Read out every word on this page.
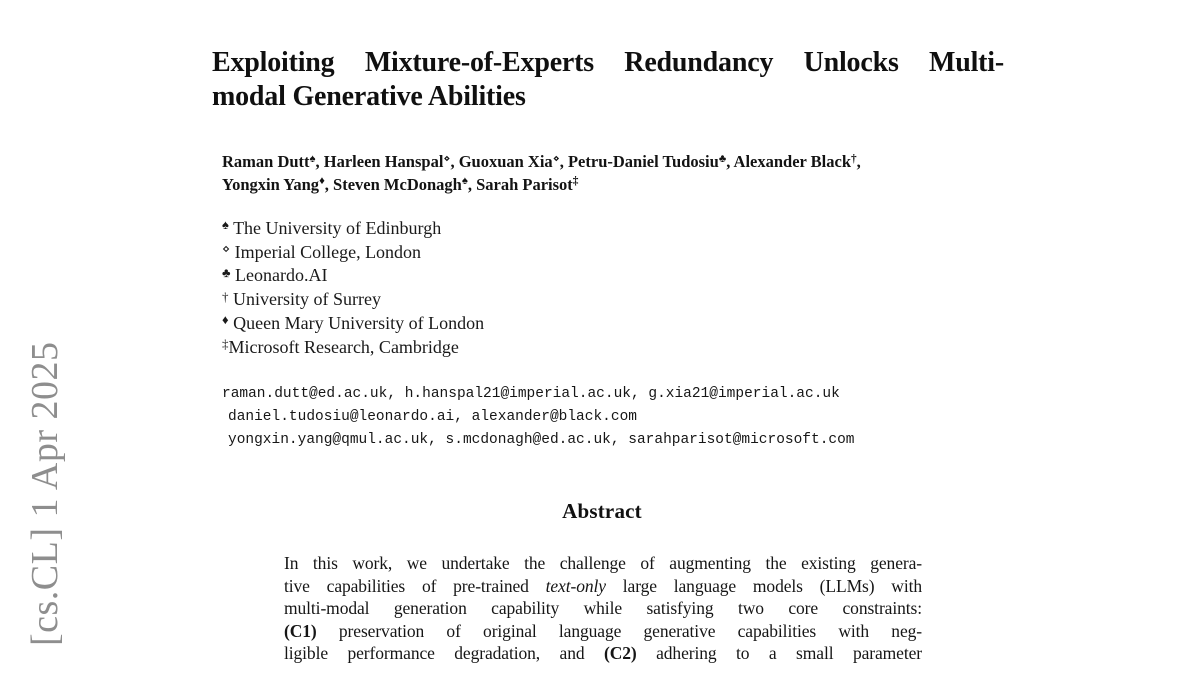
[cs.CL] 1 Apr 2025
Exploiting Mixture-of-Experts Redundancy Unlocks Multi-
modal Generative Abilities
Raman Dutt♠, Harleen Hanspal⋄, Guoxuan Xia⋄, Petru-Daniel Tudosiu♣, Alexander Black†,
Yongxin Yang♦, Steven McDonagh♠, Sarah Parisot‡
♠ The University of Edinburgh
⋄ Imperial College, London
♣ Leonardo.AI
† University of Surrey
♦ Queen Mary University of London
‡Microsoft Research, Cambridge
raman.dutt@ed.ac.uk, h.hanspal21@imperial.ac.uk, g.xia21@imperial.ac.uk
daniel.tudosiu@leonardo.ai, alexander@black.com
yongxin.yang@qmul.ac.uk, s.mcdonagh@ed.ac.uk, sarahparisot@microsoft.com
Abstract
In this work, we undertake the challenge of augmenting the existing genera-
tive capabilities of pre-trained text-only large language models (LLMs) with
multi-modal generation capability while satisfying two core constraints:
(C1) preservation of original language generative capabilities with neg-
ligible performance degradation, and (C2) adhering to a small parameter
